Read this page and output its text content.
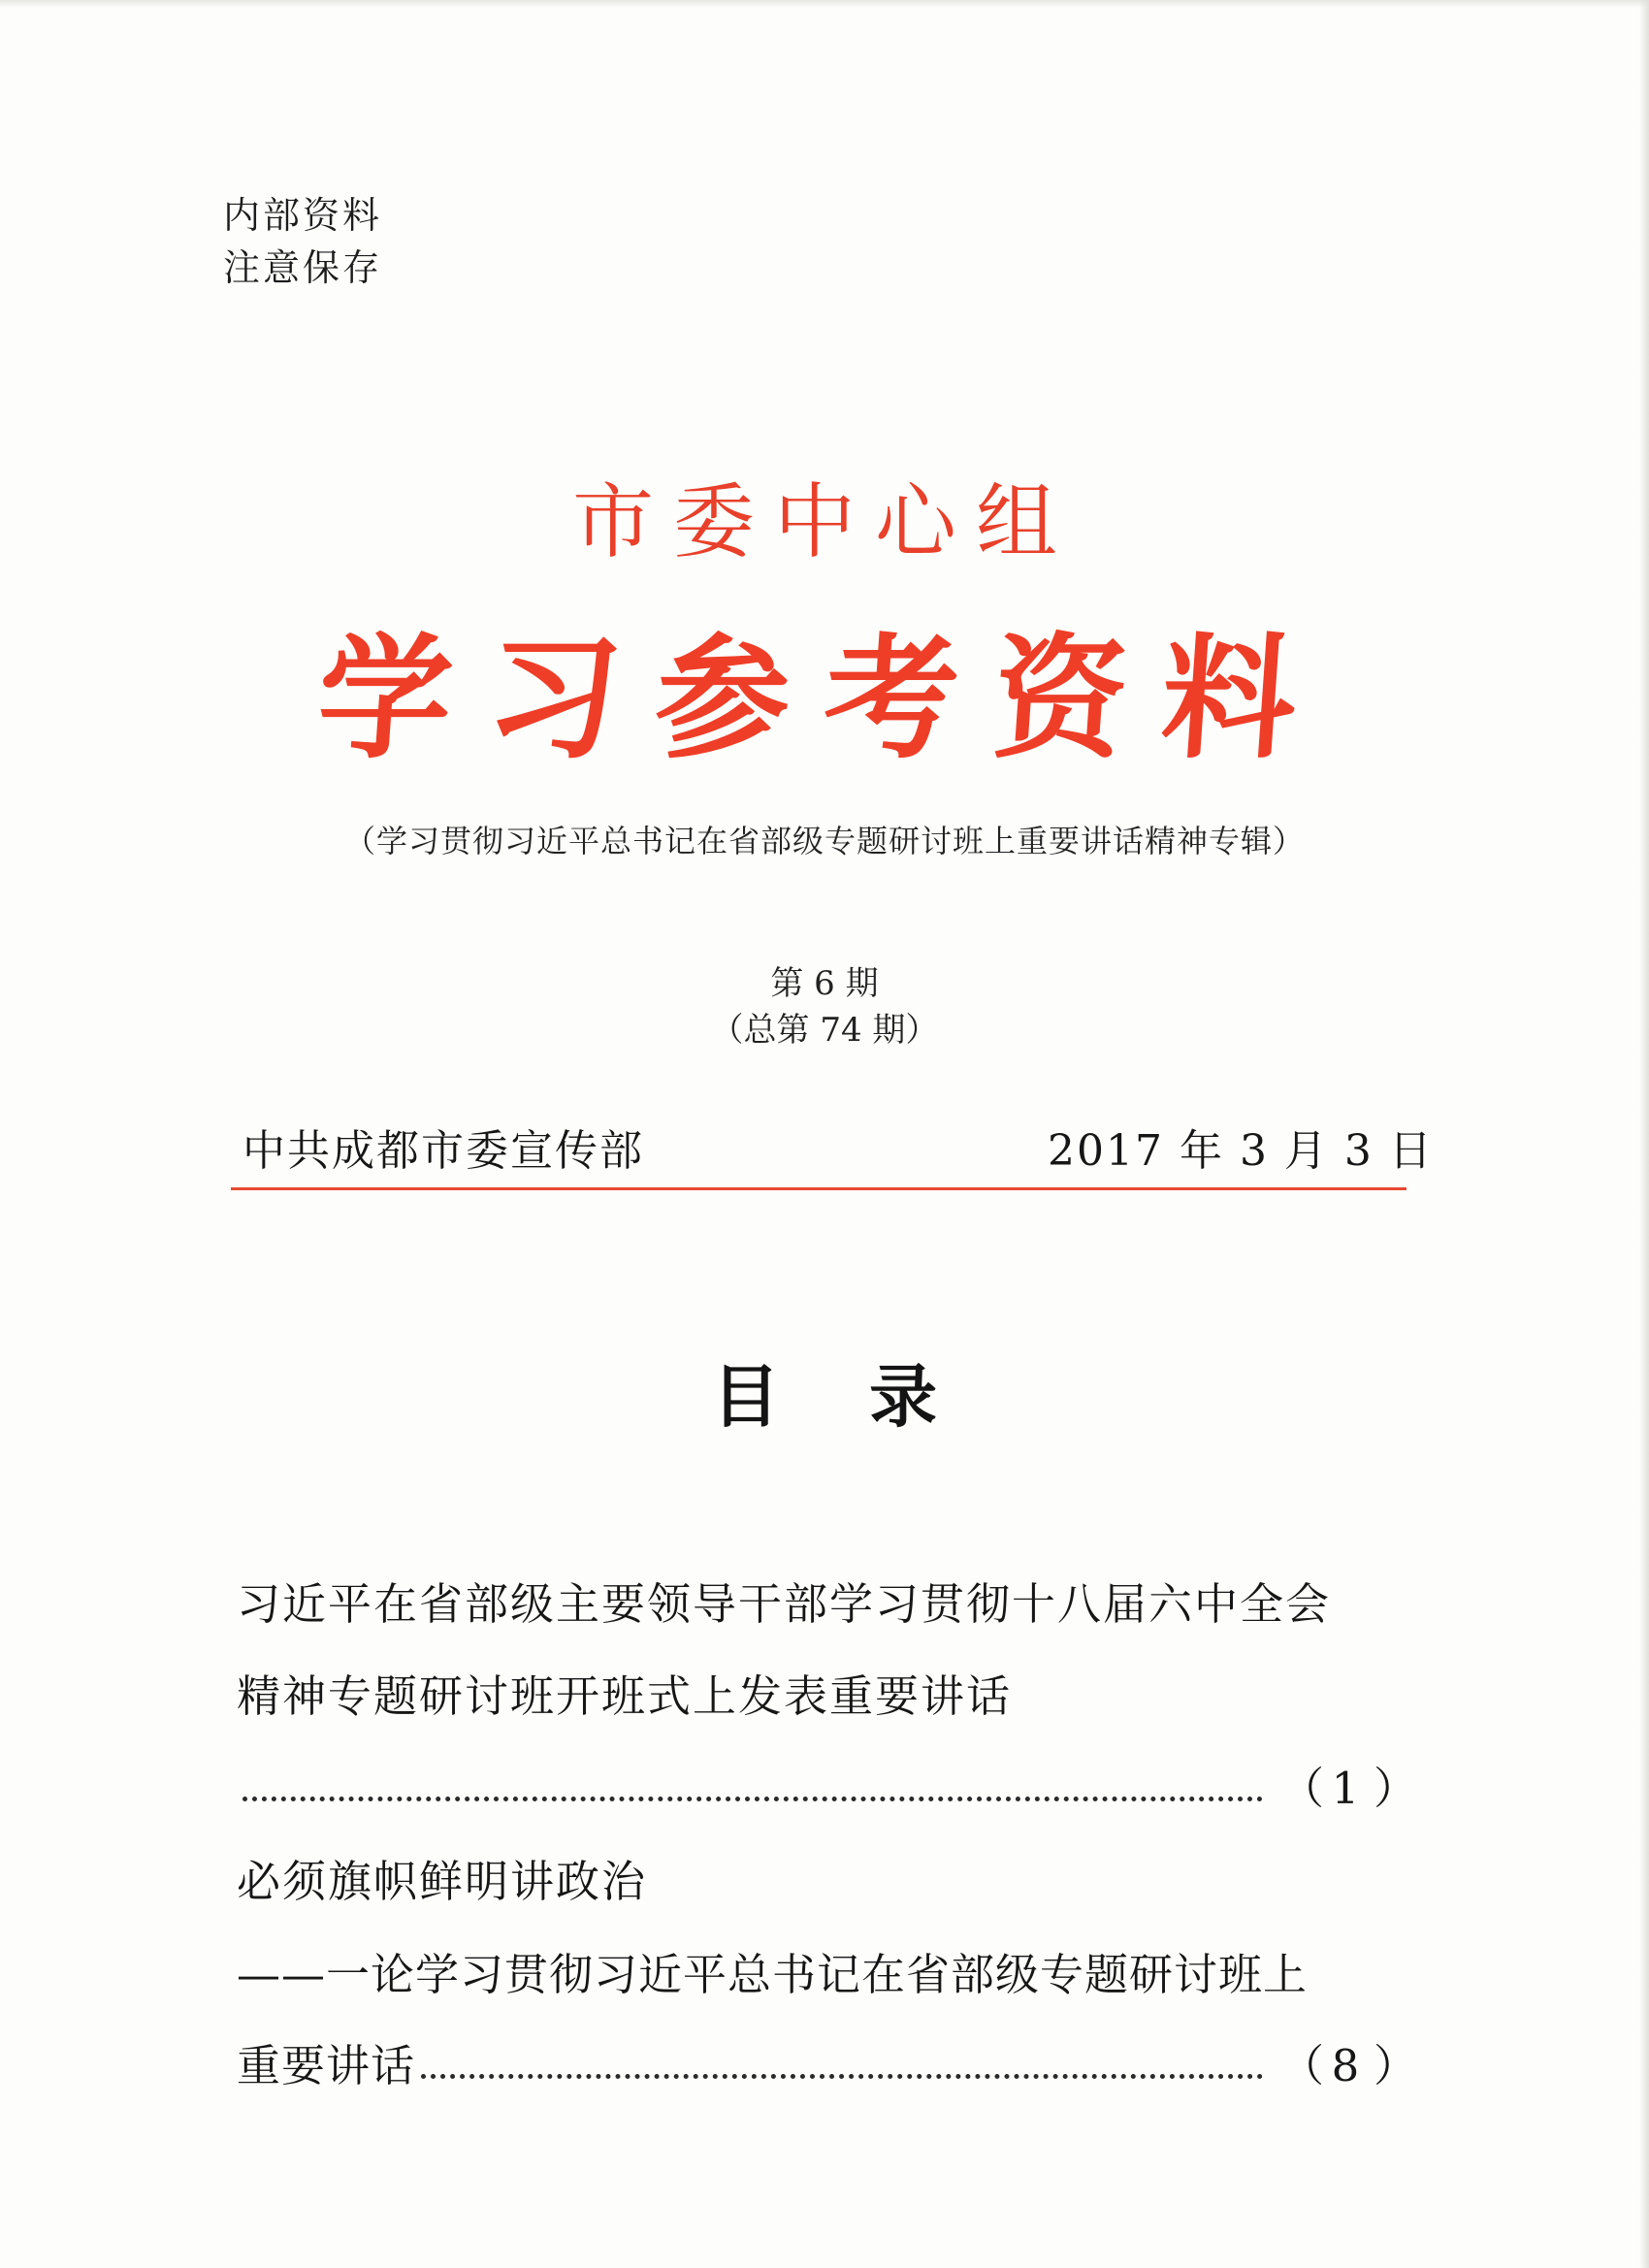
内部资料
注意保存
市委中心组
学习参考资料
（学习贯彻习近平总书记在省部级专题研讨班上重要讲话精神专辑）
第 6 期
（总第 74 期）
中共成都市委宣传部	2017 年 3 月 3 日
目 录
习近平在省部级主要领导干部学习贯彻十八届六中全会
精神专题研讨班开班式上发表重要讲话
（ 1 ）
必须旗帜鲜明讲政治
——一论学习贯彻习近平总书记在省部级专题研讨班上
重要讲话	（ 8 ）
